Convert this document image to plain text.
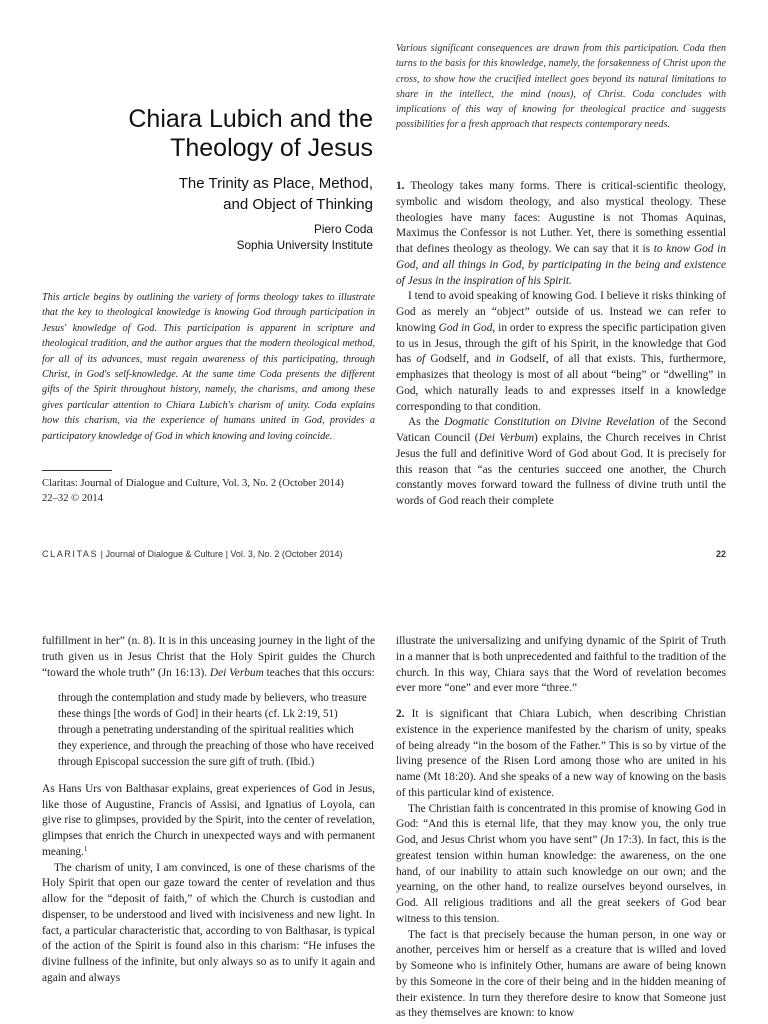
Various significant consequences are drawn from this participation. Coda then turns to the basis for this knowledge, namely, the forsakenness of Christ upon the cross, to show how the crucified intellect goes beyond its natural limitations to share in the intellect, the mind (nous), of Christ. Coda concludes with implications of this way of knowing for theological practice and suggests possibilities for a fresh approach that respects contemporary needs.
Chiara Lubich and the
Theology of Jesus
The Trinity as Place, Method,
and Object of Thinking
Piero Coda
Sophia University Institute
This article begins by outlining the variety of forms theology takes to illustrate that the key to theological knowledge is knowing God through participation in Jesus' knowledge of God. This participation is apparent in scripture and theological tradition, and the author argues that the modern theological method, for all of its advances, must regain awareness of this participating, through Christ, in God's self-knowledge. At the same time Coda presents the different gifts of the Spirit throughout history, namely, the charisms, and among these gives particular attention to Chiara Lubich's charism of unity. Coda explains how this charism, via the experience of humans united in God, provides a participatory knowledge of God in which knowing and loving coincide.
Claritas: Journal of Dialogue and Culture, Vol. 3, No. 2 (October 2014)
22–32 © 2014

1. Theology takes many forms. There is critical-scientific theology, symbolic and wisdom theology, and also mystical theology. These theologies have many faces: Augustine is not Thomas Aquinas, Maximus the Confessor is not Luther. Yet, there is something essential that defines theology as theology. We can say that it is to know God in God, and all things in God, by participating in the being and existence of Jesus in the inspiration of his Spirit.

I tend to avoid speaking of knowing God. I believe it risks thinking of God as merely an “object” outside of us. Instead we can refer to knowing God in God, in order to express the specific participation given to us in Jesus, through the gift of his Spirit, in the knowledge that God has of Godself, and in Godself, of all that exists. This, furthermore, emphasizes that theology is most of all about “being” or “dwelling” in God, which naturally leads to and expresses itself in a knowledge corresponding to that condition.

As the Dogmatic Constitution on Divine Revelation of the Second Vatican Council (Dei Verbum) explains, the Church receives in Christ Jesus the full and definitive Word of God about God. It is precisely for this reason that “as the centuries succeed one another, the Church constantly moves forward toward the fullness of divine truth until the words of God reach their complete

CLARITAS | Journal of Dialogue & Culture | Vol. 3, No. 2 (October 2014)	22

fulfillment in her” (n. 8). It is in this unceasing journey in the light of the truth given us in Jesus Christ that the Holy Spirit guides the Church “toward the whole truth” (Jn 16:13). Dei Verbum teaches that this occurs:

through the contemplation and study made by believers, who treasure these things [the words of God] in their hearts (cf. Lk 2:19, 51) through a penetrating understanding of the spiritual realities which they experience, and through the preaching of those who have received through Episcopal succession the sure gift of truth. (Ibid.)

As Hans Urs von Balthasar explains, great experiences of God in Jesus, like those of Augustine, Francis of Assisi, and Ignatius of Loyola, can give rise to glimpses, provided by the Spirit, into the center of revelation, glimpses that enrich the Church in unexpected ways and with permanent meaning.$^1$

The charism of unity, I am convinced, is one of these charisms of the Holy Spirit that open our gaze toward the center of revelation and thus allow for the “deposit of faith,” of which the Church is custodian and dispenser, to be understood and lived with incisiveness and new light. In fact, a particular characteristic that, according to von Balthasar, is typical of the action of the Spirit is found also in this charism: “He infuses the divine fullness of the infinite, but only always so as to unify it again and again and always

illustrate the universalizing and unifying dynamic of the Spirit of Truth in a manner that is both unprecedented and faithful to the tradition of the church. In this way, Chiara says that the Word of revelation becomes ever more “one” and ever more “three.”

2. It is significant that Chiara Lubich, when describing Christian existence in the experience manifested by the charism of unity, speaks of being already “in the bosom of the Father.” This is so by virtue of the living presence of the Risen Lord among those who are united in his name (Mt 18:20). And she speaks of a new way of knowing on the basis of this particular kind of existence.

The Christian faith is concentrated in this promise of knowing God in God: “And this is eternal life, that they may know you, the only true God, and Jesus Christ whom you have sent” (Jn 17:3). In fact, this is the greatest tension within human knowledge: the awareness, on the one hand, of our inability to attain such knowledge on our own; and the yearning, on the other hand, to realize ourselves beyond ourselves, in God. All religious traditions and all the great seekers of God bear witness to this tension.

The fact is that precisely because the human person, in one way or another, perceives him or herself as a creature that is willed and loved by Someone who is infinitely Other, humans are aware of being known by this Someone in the core of their being and in the hidden meaning of their existence. In turn they therefore desire to know that Someone just as they themselves are known: to know
